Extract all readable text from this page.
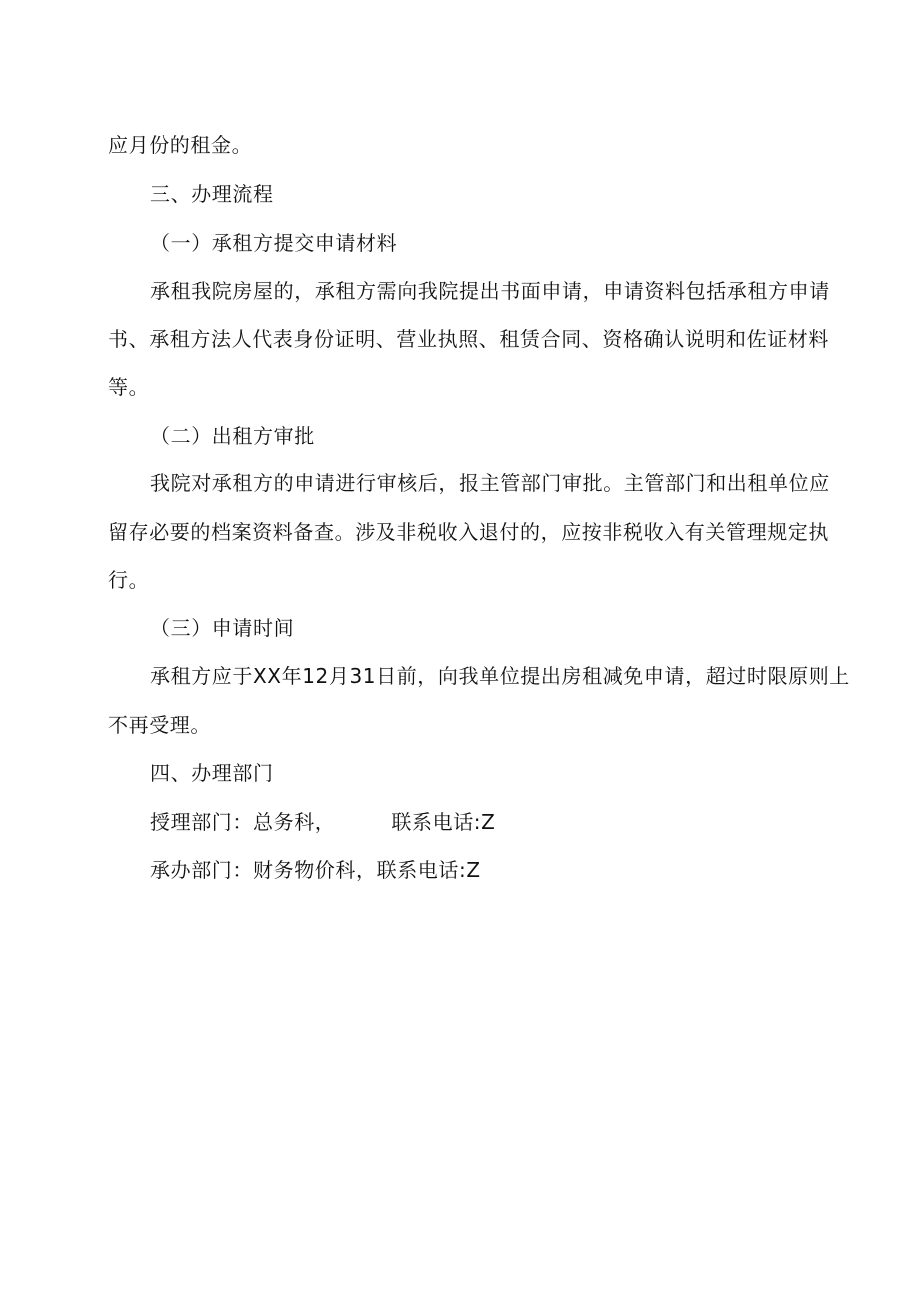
应月份的租金。
三、办理流程
（一）承租方提交申请材料
承租我院房屋的，承租方需向我院提出书面申请，申请资料包括承租方申请
书、承租方法人代表身份证明、营业执照、租赁合同、资格确认说明和佐证材料
等。
（二）出租方审批
我院对承租方的申请进行审核后，报主管部门审批。主管部门和出租单位应
留存必要的档案资料备查。涉及非税收入退付的，应按非税收入有关管理规定执
行。
（三）申请时间
承租方应于XX年12月31日前，向我单位提出房租减免申请，超过时限原则上
不再受理。
四、办理部门
授理部门：总务科，	联系电话:Z
承办部门：财务物价科，联系电话:Z
